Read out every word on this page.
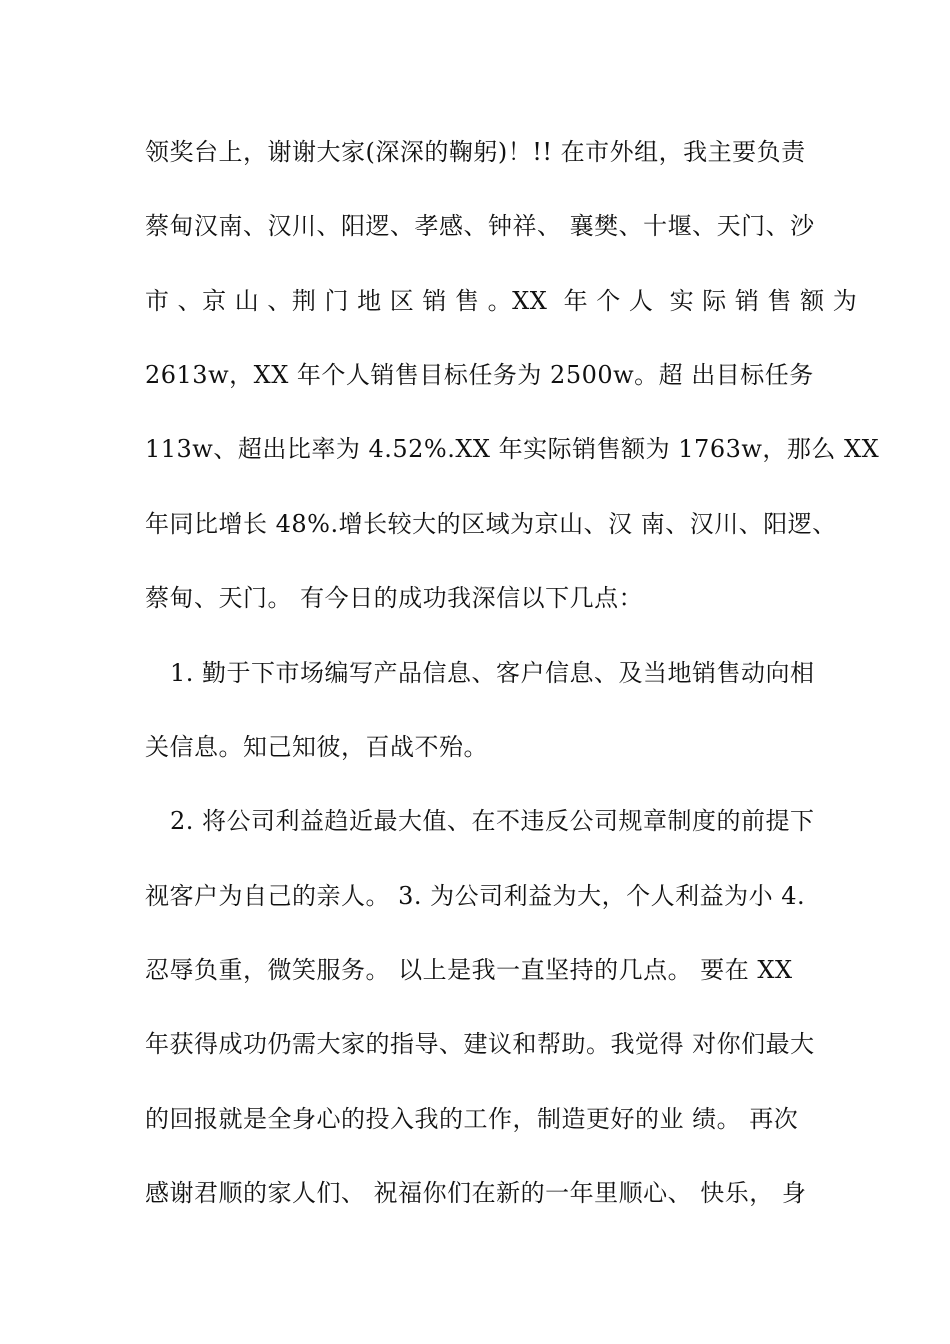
领奖台上，谢谢大家(深深的鞠躬)！!! 在市外组，我主要负责
蔡甸汉南、汉川、阳逻、孝感、钟祥、 襄樊、十堰、天门、沙
市 、京 山 、荆 门 地 区 销 售 。XX  年 个 人  实 际 销 售 额 为
2613w，XX 年个人销售目标任务为 2500w。超 出目标任务
113w、超出比率为 4.52%.XX 年实际销售额为 1763w，那么 XX
年同比增长 48%.增长较大的区域为京山、汉 南、汉川、阳逻、
蔡甸、天门。 有今日的成功我深信以下几点：
1. 勤于下市场编写产品信息、客户信息、及当地销售动向相
关信息。知己知彼，百战不殆。
2. 将公司利益趋近最大值、在不违反公司规章制度的前提下
视客户为自己的亲人。 3. 为公司利益为大，个人利益为小 4.
忍辱负重，微笑服务。 以上是我一直坚持的几点。 要在 XX
年获得成功仍需大家的指导、建议和帮助。我觉得 对你们最大
的回报就是全身心的投入我的工作，制造更好的业 绩。 再次
感谢君顺的家人们、 祝福你们在新的一年里顺心、 快乐， 身
